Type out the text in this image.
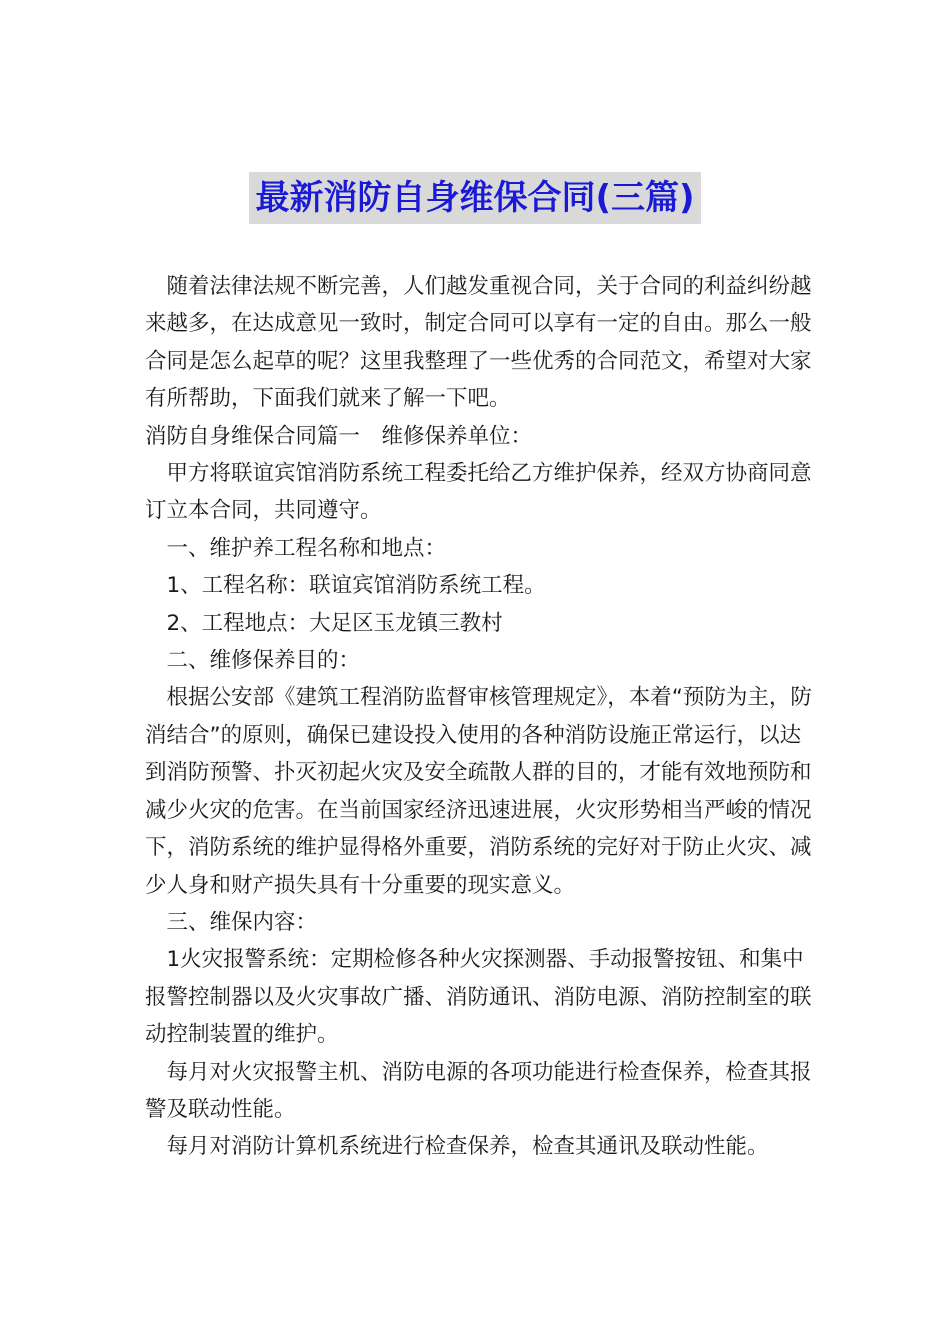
最新消防自身维保合同(三篇)

随着法律法规不断完善，人们越发重视合同，关于合同的利益纠纷越来越多，在达成意见一致时，制定合同可以享有一定的自由。那么一般合同是怎么起草的呢？这里我整理了一些优秀的合同范文，希望对大家有所帮助，下面我们就来了解一下吧。

消防自身维保合同篇一　维修保养单位：

甲方将联谊宾馆消防系统工程委托给乙方维护保养，经双方协商同意订立本合同，共同遵守。

一、维护养工程名称和地点：

1、工程名称：联谊宾馆消防系统工程。

2、工程地点：大足区玉龙镇三教村

二、维修保养目的：

根据公安部《建筑工程消防监督审核管理规定》，本着“预防为主，防消结合”的原则，确保已建设投入使用的各种消防设施正常运行，以达到消防预警、扑灭初起火灾及安全疏散人群的目的，才能有效地预防和减少火灾的危害。在当前国家经济迅速进展，火灾形势相当严峻的情况下，消防系统的维护显得格外重要，消防系统的完好对于防止火灾、减少人身和财产损失具有十分重要的现实意义。

三、维保内容：

1火灾报警系统：定期检修各种火灾探测器、手动报警按钮、和集中报警控制器以及火灾事故广播、消防通讯、消防电源、消防控制室的联动控制装置的维护。

每月对火灾报警主机、消防电源的各项功能进行检查保养，检查其报警及联动性能。

每月对消防计算机系统进行检查保养，检查其通讯及联动性能。
